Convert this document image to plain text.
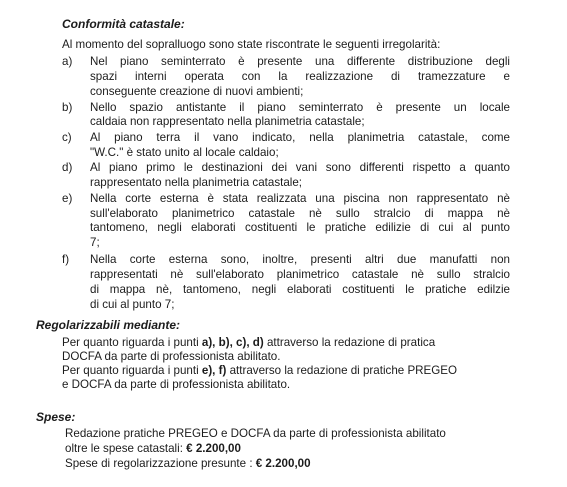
Conformità catastale:
Al momento del sopralluogo sono state riscontrate le seguenti irregolarità:
a) Nel piano seminterrato è presente una differente distribuzione degli
spazi interni operata con la realizzazione di tramezzature e
conseguente creazione di nuovi ambienti;
b) Nello spazio antistante il piano seminterrato è presente un locale
caldaia non rappresentato nella planimetria catastale;
c) Al piano terra il vano indicato, nella planimetria catastale, come
"W.C." è stato unito al locale caldaio;
d) Al piano primo le destinazioni dei vani sono differenti rispetto a quanto
rappresentato nella planimetria catastale;
e) Nella corte esterna è stata realizzata una piscina non rappresentato nè
sull'elaborato planimetrico catastale nè sullo stralcio di mappa nè
tantomeno, negli elaborati costituenti le pratiche edilizie di cui al punto
7;
f) Nella corte esterna sono, inoltre, presenti altri due manufatti non
rappresentati nè sull'elaborato planimetrico catastale nè sullo stralcio
di mappa nè, tantomeno, negli elaborati costituenti le pratiche edilzie
di cui al punto 7;
Regolarizzabili mediante:
Per quanto riguarda i punti a), b), c), d) attraverso la redazione di pratica
DOCFA da parte di professionista abilitato.
Per quanto riguarda i punti e), f) attraverso la redazione di pratiche PREGEO
e DOCFA da parte di professionista abilitato.
Spese:
Redazione pratiche PREGEO e DOCFA da parte di professionista abilitato
oltre le spese catastali: € 2.200,00
Spese di regolarizzazione presunte : € 2.200,00
